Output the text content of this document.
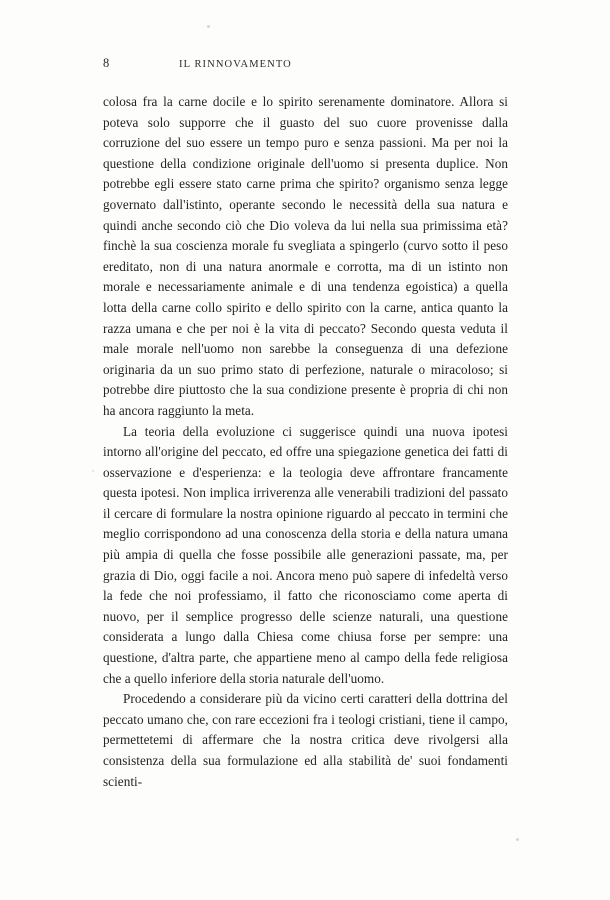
8	IL RINNOVAMENTO

colosa fra la carne docile e lo spirito serenamente dominatore. Allora si poteva solo supporre che il guasto del suo cuore provenisse dalla corruzione del suo essere un tempo puro e senza passioni. Ma per noi la questione della condizione originale dell'uomo si presenta duplice. Non potrebbe egli essere stato carne prima che spirito? organismo senza legge governato dall'istinto, operante secondo le necessità della sua natura e quindi anche secondo ciò che Dio voleva da lui nella sua primissima età? finchè la sua coscienza morale fu svegliata a spingerlo (curvo sotto il peso ereditato, non di una natura anormale e corrotta, ma di un istinto non morale e necessariamente animale e di una tendenza egoistica) a quella lotta della carne collo spirito e dello spirito con la carne, antica quanto la razza umana e che per noi è la vita di peccato? Secondo questa veduta il male morale nell'uomo non sarebbe la conseguenza di una defezione originaria da un suo primo stato di perfezione, naturale o miracoloso; si potrebbe dire piuttosto che la sua condizione presente è propria di chi non ha ancora raggiunto la meta.

La teoria della evoluzione ci suggerisce quindi una nuova ipotesi intorno all'origine del peccato, ed offre una spiegazione genetica dei fatti di osservazione e d'esperienza: e la teologia deve affrontare francamente questa ipotesi. Non implica irriverenza alle venerabili tradizioni del passato il cercare di formulare la nostra opinione riguardo al peccato in termini che meglio corrispondono ad una conoscenza della storia e della natura umana più ampia di quella che fosse possibile alle generazioni passate, ma, per grazia di Dio, oggi facile a noi. Ancora meno può sapere di infedeltà verso la fede che noi professiamo, il fatto che riconosciamo come aperta di nuovo, per il semplice progresso delle scienze naturali, una questione considerata a lungo dalla Chiesa come chiusa forse per sempre: una questione, d'altra parte, che appartiene meno al campo della fede religiosa che a quello inferiore della storia naturale dell'uomo.

Procedendo a considerare più da vicino certi caratteri della dottrina del peccato umano che, con rare eccezioni fra i teologi cristiani, tiene il campo, permettetemi di affermare che la nostra critica deve rivolgersi alla consistenza della sua formulazione ed alla stabilità de' suoi fondamenti scienti-
